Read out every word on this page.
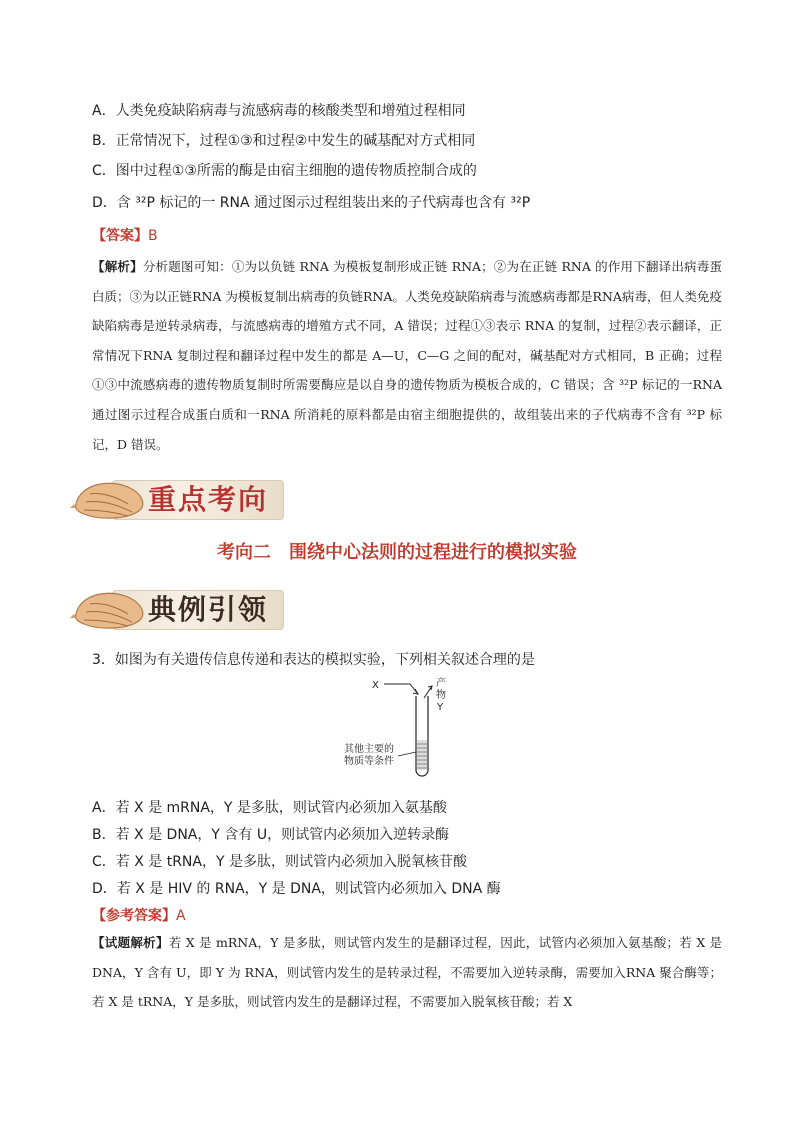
A．人类免疫缺陷病毒与流感病毒的核酸类型和增殖过程相同
B．正常情况下，过程①③和过程②中发生的碱基配对方式相同
C．图中过程①③所需的酶是由宿主细胞的遗传物质控制合成的
D．含 ³²P 标记的一 RNA 通过图示过程组装出来的子代病毒也含有 ³²P
【答案】B
【解析】分析题图可知：①为以负链 RNA 为模板复制形成正链 RNA；②为在正链 RNA 的作用下翻译出病毒蛋白质；③为以正链RNA 为模板复制出病毒的负链RNA。人类免疫缺陷病毒与流感病毒都是RNA病毒，但人类免疫缺陷病毒是逆转录病毒，与流感病毒的增殖方式不同，A 错误；过程①③表示 RNA 的复制，过程②表示翻译，正常情况下RNA 复制过程和翻译过程中发生的都是 A—U，C—G 之间的配对，碱基配对方式相同，B 正确；过程①③中流感病毒的遗传物质复制时所需要酶应是以自身的遗传物质为模板合成的，C 错误；含 ³²P 标记的一RNA 通过图示过程合成蛋白质和一RNA 所消耗的原料都是由宿主细胞提供的，故组装出来的子代病毒不含有 ³²P 标记，D 错误。
重点考向
考向二　围绕中心法则的过程进行的模拟实验
典例引领
3．如图为有关遗传信息传递和表达的模拟实验，下列相关叙述合理的是
X	产
物
Y
其他主要的
物质等条件
A．若 X 是 mRNA，Y 是多肽，则试管内必须加入氨基酸
B．若 X 是 DNA，Y 含有 U，则试管内必须加入逆转录酶
C．若 X 是 tRNA，Y 是多肽，则试管内必须加入脱氧核苷酸
D．若 X 是 HIV 的 RNA，Y 是 DNA，则试管内必须加入 DNA 酶
【参考答案】A
【试题解析】若 X 是 mRNA，Y 是多肽，则试管内发生的是翻译过程，因此，试管内必须加入氨基酸；若 X 是 DNA，Y 含有 U，即 Y 为 RNA，则试管内发生的是转录过程，不需要加入逆转录酶，需要加入RNA 聚合酶等；若 X 是 tRNA，Y 是多肽，则试管内发生的是翻译过程，不需要加入脱氧核苷酸；若 X
